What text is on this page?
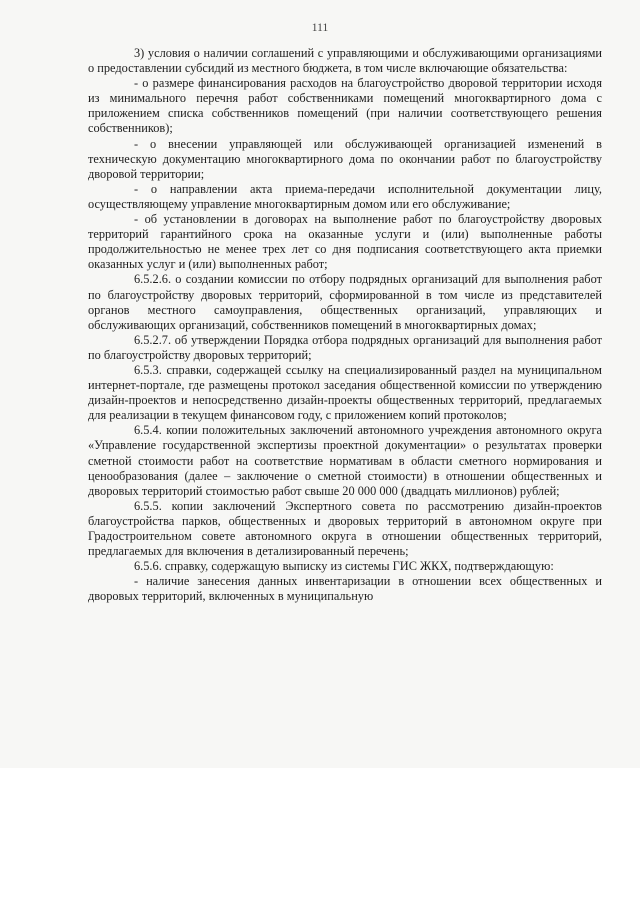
111

3) условия о наличии соглашений с управляющими и обслуживающими организациями о предоставлении субсидий из местного бюджета, в том числе включающие обязательства:

- о размере финансирования расходов на благоустройство дворовой территории исходя из минимального перечня работ собственниками помещений многоквартирного дома с приложением списка собственников помещений (при наличии соответствующего решения собственников);

- о внесении управляющей или обслуживающей организацией изменений в техническую документацию многоквартирного дома по окончании работ по благоустройству дворовой территории;

- о направлении акта приема-передачи исполнительной документации лицу, осуществляющему управление многоквартирным домом или его обслуживание;

- об установлении в договорах на выполнение работ по благоустройству дворовых территорий гарантийного срока на оказанные услуги и (или) выполненные работы продолжительностью не менее трех лет со дня подписания соответствующего акта приемки оказанных услуг и (или) выполненных работ;

6.5.2.6. о создании комиссии по отбору подрядных организаций для выполнения работ по благоустройству дворовых территорий, сформированной в том числе из представителей органов местного самоуправления, общественных организаций, управляющих и обслуживающих организаций, собственников помещений в многоквартирных домах;

6.5.2.7. об утверждении Порядка отбора подрядных организаций для выполнения работ по благоустройству дворовых территорий;

6.5.3. справки, содержащей ссылку на специализированный раздел на муниципальном интернет-портале, где размещены протокол заседания общественной комиссии по утверждению дизайн-проектов и непосредственно дизайн-проекты общественных территорий, предлагаемых для реализации в текущем финансовом году, с приложением копий протоколов;

6.5.4. копии положительных заключений автономного учреждения автономного округа «Управление государственной экспертизы проектной документации» о результатах проверки сметной стоимости работ на соответствие нормативам в области сметного нормирования и ценообразования (далее – заключение о сметной стоимости) в отношении общественных и дворовых территорий стоимостью работ свыше 20 000 000 (двадцать миллионов) рублей;

6.5.5. копии заключений Экспертного совета по рассмотрению дизайн-проектов благоустройства парков, общественных и дворовых территорий в автономном округе при Градостроительном совете автономного округа в отношении общественных территорий, предлагаемых для включения в детализированный перечень;

6.5.6. справку, содержащую выписку из системы ГИС ЖКХ, подтверждающую:

- наличие занесения данных инвентаризации в отношении всех общественных и дворовых территорий, включенных в муниципальную
